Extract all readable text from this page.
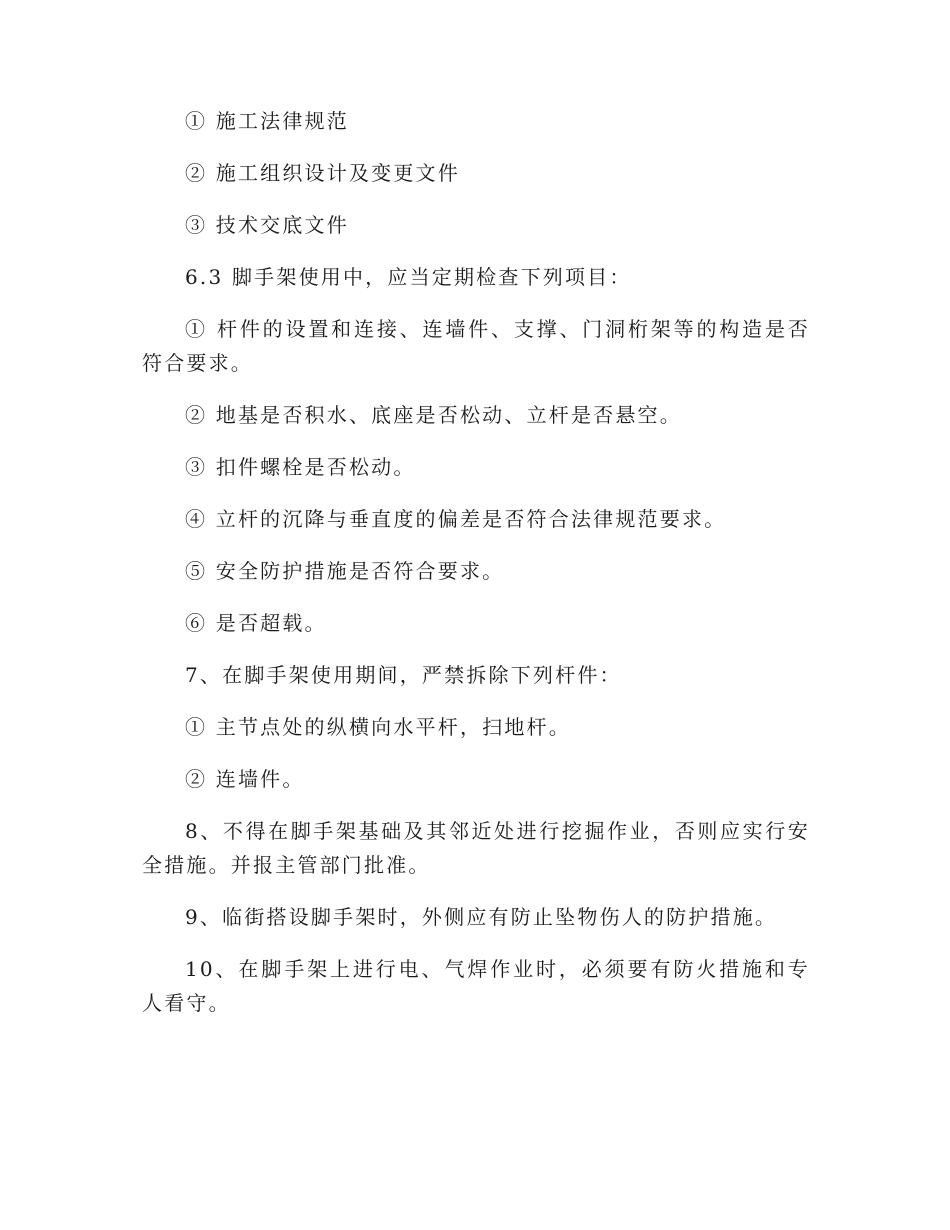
① 施工法律规范

② 施工组织设计及变更文件

③ 技术交底文件

6.3 脚手架使用中，应当定期检查下列项目：

① 杆件的设置和连接、连墙件、支撑、门洞桁架等的构造是否符合要求。

② 地基是否积水、底座是否松动、立杆是否悬空。

③ 扣件螺栓是否松动。

④ 立杆的沉降与垂直度的偏差是否符合法律规范要求。

⑤ 安全防护措施是否符合要求。

⑥ 是否超载。

7、在脚手架使用期间，严禁拆除下列杆件：

① 主节点处的纵横向水平杆，扫地杆。

② 连墙件。

8、不得在脚手架基础及其邻近处进行挖掘作业，否则应实行安全措施。并报主管部门批准。

9、临街搭设脚手架时，外侧应有防止坠物伤人的防护措施。

10、在脚手架上进行电、气焊作业时，必须要有防火措施和专人看守。
